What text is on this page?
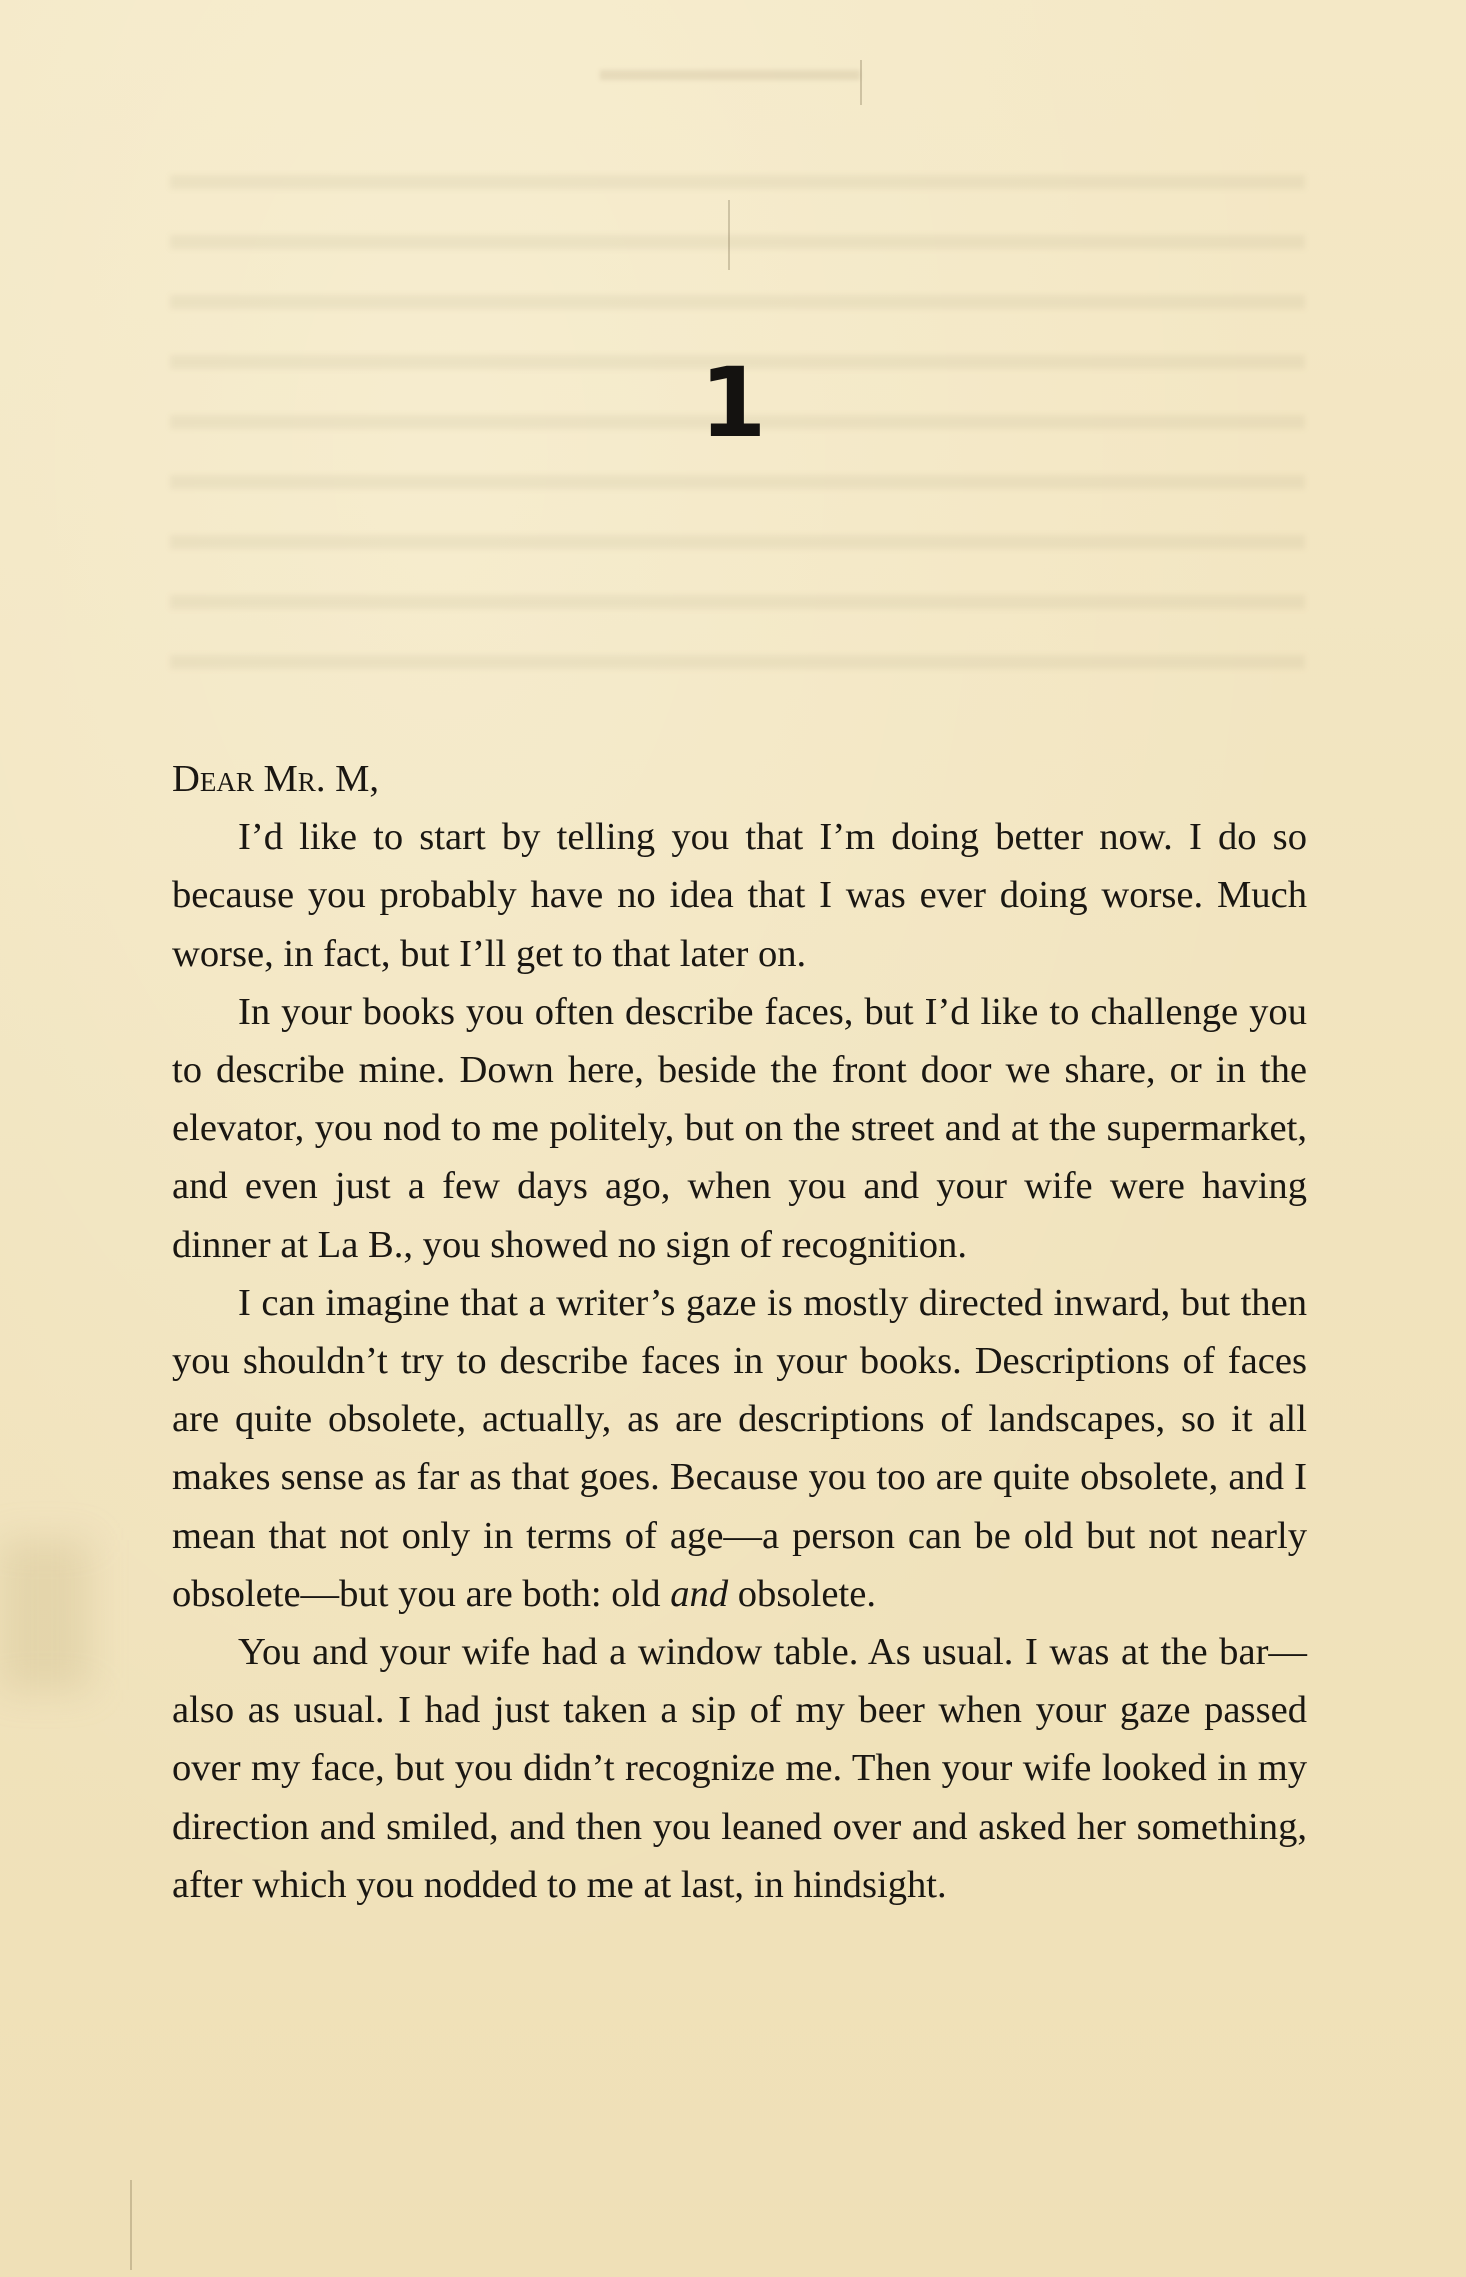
1

Dear Mr. M,

I’d like to start by telling you that I’m doing better now. I do so because you probably have no idea that I was ever doing worse. Much worse, in fact, but I’ll get to that later on.

In your books you often describe faces, but I’d like to challenge you to describe mine. Down here, beside the front door we share, or in the elevator, you nod to me politely, but on the street and at the supermarket, and even just a few days ago, when you and your wife were having dinner at La B., you showed no sign of recognition.

I can imagine that a writer’s gaze is mostly directed inward, but then you shouldn’t try to describe faces in your books. Descriptions of faces are quite obsolete, actually, as are descriptions of landscapes, so it all makes sense as far as that goes. Because you too are quite obsolete, and I mean that not only in terms of age—a person can be old but not nearly obsolete—but you are both: old and obsolete.

You and your wife had a window table. As usual. I was at the bar—also as usual. I had just taken a sip of my beer when your gaze passed over my face, but you didn’t recognize me. Then your wife looked in my direction and smiled, and then you leaned over and asked her something, after which you nodded to me at last, in hindsight.
